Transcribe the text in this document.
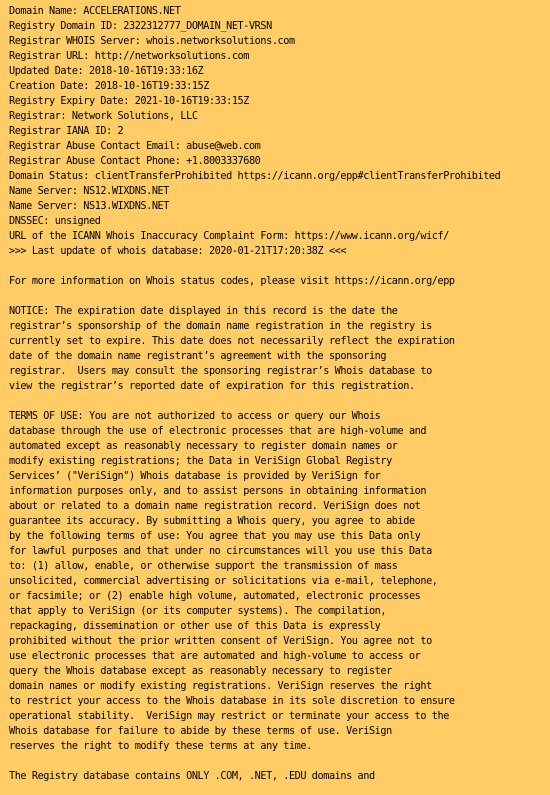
Domain Name: ACCELERATIONS.NET
Registry Domain ID: 2322312777_DOMAIN_NET-VRSN
Registrar WHOIS Server: whois.networksolutions.com
Registrar URL: http://networksolutions.com
Updated Date: 2018-10-16T19:33:16Z
Creation Date: 2018-10-16T19:33:15Z
Registry Expiry Date: 2021-10-16T19:33:15Z
Registrar: Network Solutions, LLC
Registrar IANA ID: 2
Registrar Abuse Contact Email: abuse@web.com
Registrar Abuse Contact Phone: +1.8003337680
Domain Status: clientTransferProhibited https://icann.org/epp#clientTransferProhibited
Name Server: NS12.WIXDNS.NET
Name Server: NS13.WIXDNS.NET
DNSSEC: unsigned
URL of the ICANN Whois Inaccuracy Complaint Form: https://www.icann.org/wicf/
>>> Last update of whois database: 2020-01-21T17:20:38Z <<<

For more information on Whois status codes, please visit https://icann.org/epp

NOTICE: The expiration date displayed in this record is the date the
registrar’s sponsorship of the domain name registration in the registry is
currently set to expire. This date does not necessarily reflect the expiration
date of the domain name registrant’s agreement with the sponsoring
registrar.  Users may consult the sponsoring registrar’s Whois database to
view the registrar’s reported date of expiration for this registration.

TERMS OF USE: You are not authorized to access or query our Whois
database through the use of electronic processes that are high-volume and
automated except as reasonably necessary to register domain names or
modify existing registrations; the Data in VeriSign Global Registry
Services’ ("VeriSign") Whois database is provided by VeriSign for
information purposes only, and to assist persons in obtaining information
about or related to a domain name registration record. VeriSign does not
guarantee its accuracy. By submitting a Whois query, you agree to abide
by the following terms of use: You agree that you may use this Data only
for lawful purposes and that under no circumstances will you use this Data
to: (1) allow, enable, or otherwise support the transmission of mass
unsolicited, commercial advertising or solicitations via e-mail, telephone,
or facsimile; or (2) enable high volume, automated, electronic processes
that apply to VeriSign (or its computer systems). The compilation,
repackaging, dissemination or other use of this Data is expressly
prohibited without the prior written consent of VeriSign. You agree not to
use electronic processes that are automated and high-volume to access or
query the Whois database except as reasonably necessary to register
domain names or modify existing registrations. VeriSign reserves the right
to restrict your access to the Whois database in its sole discretion to ensure
operational stability.  VeriSign may restrict or terminate your access to the
Whois database for failure to abide by these terms of use. VeriSign
reserves the right to modify these terms at any time.

The Registry database contains ONLY .COM, .NET, .EDU domains and
